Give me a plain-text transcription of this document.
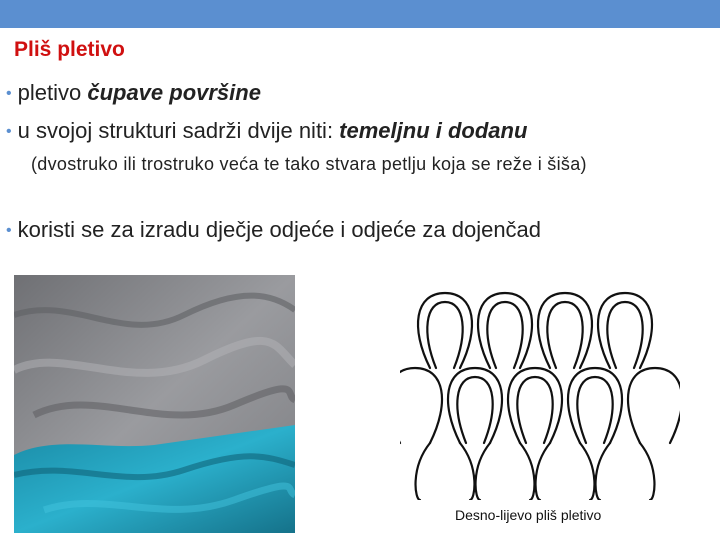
Pliš pletivo
• pletivo čupave površine
• u svojoj strukturi sadrži dvije niti: temeljnu i dodanu
(dvostruko ili trostruko veća te tako stvara petlju koja se reže i šiša)
• koristi se za izradu dječje odjeće i odjeće za dojenčad
Desno-lijevo pliš pletivo
